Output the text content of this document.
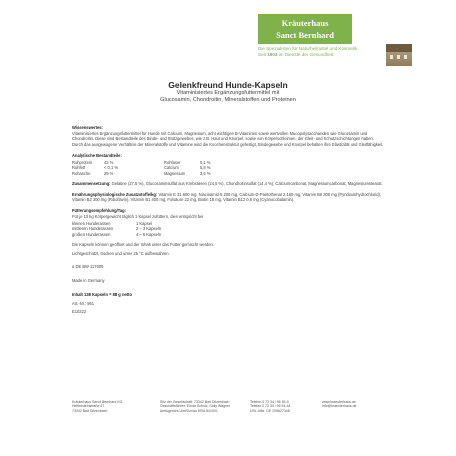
Kräuterhaus
Sanct Bernhard
Die Spezialisten für Naturheilmittel und Kosmetik.
Seit 1903 im Dienste der Gesundheit.
Gelenkfreund Hunde-Kapseln
Vitaminisiertes Ergänzungsfuttermittel mit
Glucosamin, Chondroitin, Mineralstoffen und Proteinen
Wissenswertes:
Vitaminisiertes Ergänzungsfuttermittel für Hunde mit Calcium, Magnesium, acht wichtigen B-Vitaminen sowie wertvollen Mucopolysacchariden wie Glucosamin und Chondroitin. Diese sind Bestandteile des Binde- und Stützgewebes, wie z.B. Haut und Knorpel, sowie von Körperschleimen, der Gleit- und Schutzschichtungen haben. Durch das ausgewogene Verhältnis der Mineralstoffe und Vitamine wird die Knochenstruktur gefestigt, Bindegewebe und Knorpel behalten ihre Elastizität und Gleitfähigkeit.
Analytische Bestandteile:
Rohprotein	42 %	Rohfaser	0,1 %
Rohfett	< 0,1 %	Calcium	5,8 %
Rohasche	29 %	Magnesium	3,6 %
Zusammensetzung: Gelatine (27,5 %), Glucosaminsulfat aus Krebstieren (24,5 %), Chondroitinsulfat (14,4 %), Calciumcarbonat, Magnesiumcarbonat, Magnesiumstearat.
Ernährungsphysiologische Zusatzstoffe/kg: Vitamin E 31.600 mg, Niacinamid 5.200 mg, Calcium-D-Pantothenat 2.160 mg, Vitamin B6 300 mg (Pyridoxinhydrochlorid), Vitamin B2 300 mg (Riboflavin), Vitamin B1 400 mg, Folsäure 22 mg, Biotin 18 mg, Vitamin B12 0,9 mg (Cyanocobalamin).
Fütterungsempfehlung/Tag:
Für je 10 kg Körpergewicht täglich 1 Kapsel zufüttern, dies entspricht bei
kleinen Hunderassen	1 Kapsel
mittleren Hunderassen	2 – 3 Kapseln
großen Hunderassen	4 – 6 Kapseln
Die Kapseln können geöffnet und der Inhalt unter das Futter gemischt werden.
Lichtgeschützt, trocken und unter 25 °C aufbewahren.
α DE BW 117005
Made in Germany
Inhalt 138 Kapseln = 88 g netto
Art.-Nr.: 961
E10222
Kräuterhaus Sanct Bernhard KG
Helfensteinstraße 47
73342 Bad Ditzenbach
Sitz der Gesellschaft: 73342 Bad Ditzenbach
Geschäftsführer: Elmar Schulz, Sally Wagner
Amtsgericht Ulm/Donau HRA 541001
Telefon 0 73 34 / 96 54-0
Telefax 0 73 34 / 96 54-44
USt.-IdNr. DE 205827348
www.kraeuterhaus.de
info@kraeuterhaus.de
